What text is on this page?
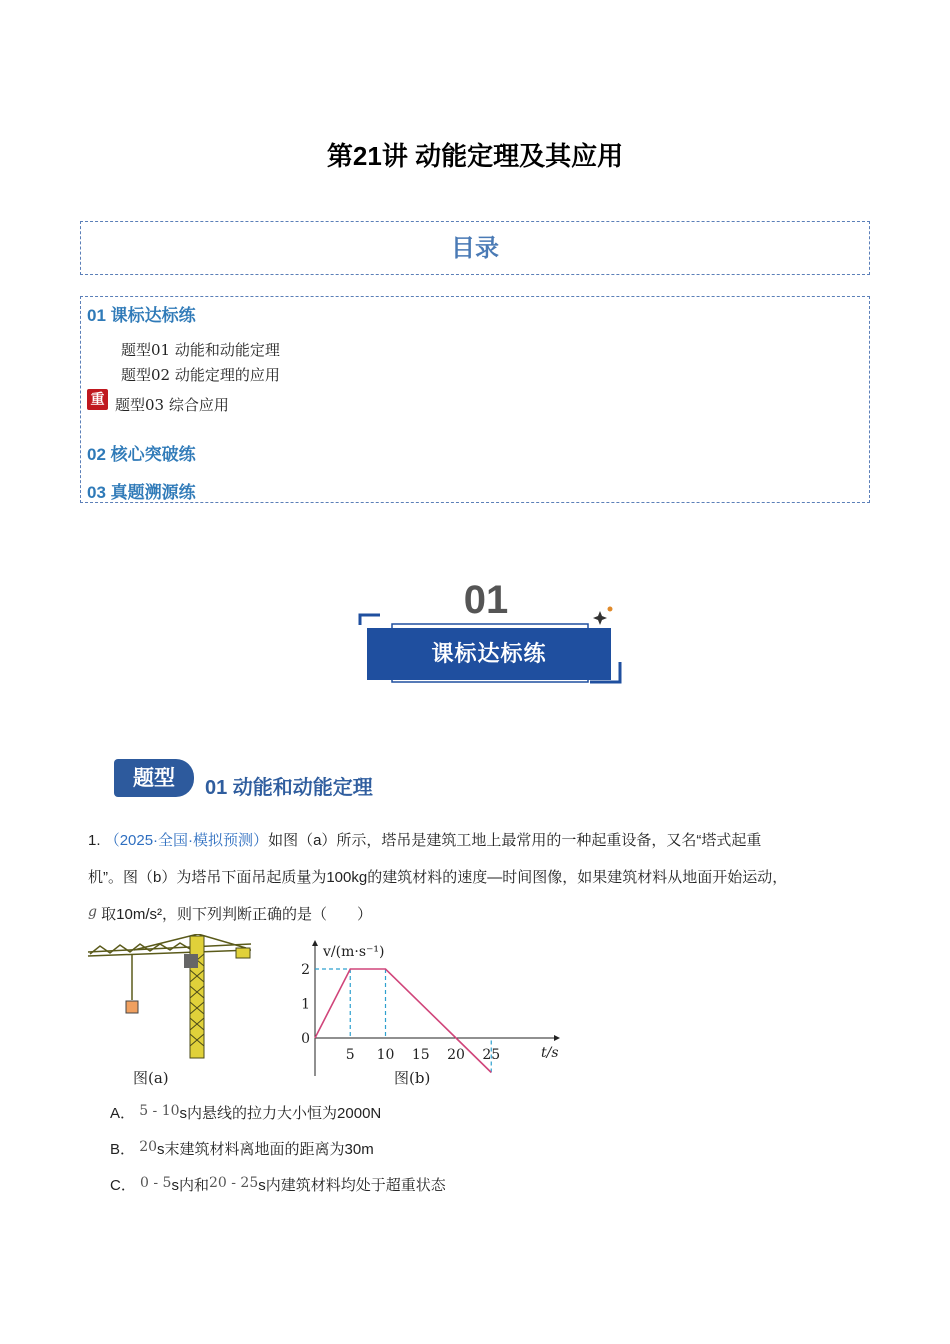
第21讲 动能定理及其应用
目录
01 课标达标练
题型01 动能和动能定理
题型02 动能定理的应用
重 题型03 综合应用
02 核心突破练
03 真题溯源练
01
课标达标练
题型	01 动能和动能定理
1. （2025·全国·模拟预测）如图（a）所示，塔吊是建筑工地上最常用的一种起重设备，又名“塔式起重
机”。图（b）为塔吊下面吊起质量为100kg的建筑材料的速度—时间图像，如果建筑材料从地面开始运动，
g 取10m/s²，则下列判断正确的是（　　）
图(a)
v/(m·s⁻¹)
t/s
5 10 15 20 25
0
1
2
图(b)
A． 5 - 10s内悬线的拉力大小恒为2000N
B． 20s末建筑材料离地面的距离为30m
C． 0 - 5s内和20 - 25s内建筑材料均处于超重状态
